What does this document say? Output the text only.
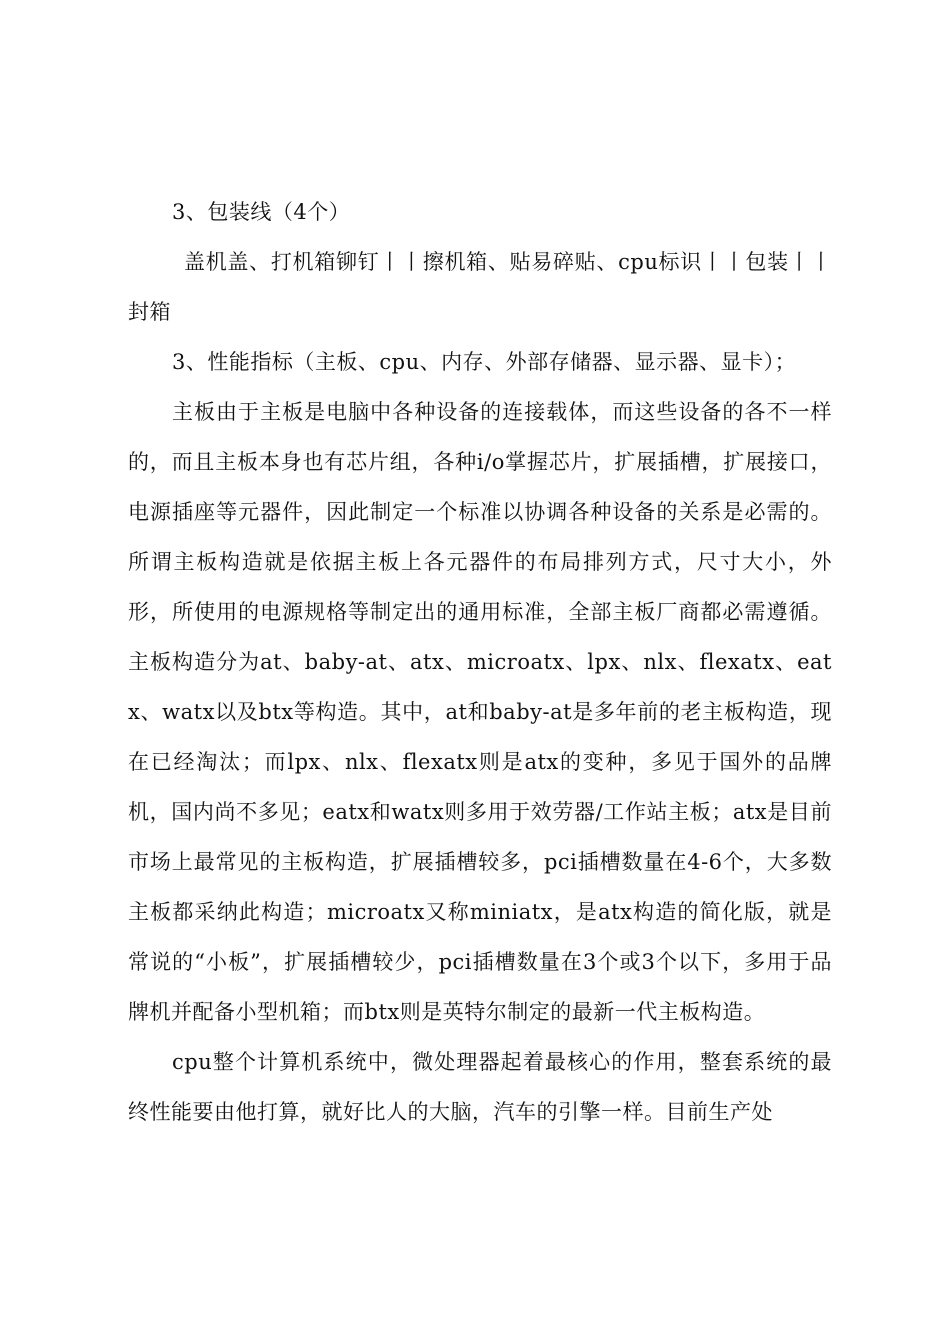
3、包装线（4个）

盖机盖、打机箱铆钉丨丨擦机箱、贴易碎贴、cpu标识丨丨包装丨丨封箱

3、性能指标（主板、cpu、内存、外部存储器、显示器、显卡）；

主板由于主板是电脑中各种设备的连接载体，而这些设备的各不一样的，而且主板本身也有芯片组，各种i/o掌握芯片，扩展插槽，扩展接口，电源插座等元器件，因此制定一个标准以协调各种设备的关系是必需的。所谓主板构造就是依据主板上各元器件的布局排列方式，尺寸大小，外形，所使用的电源规格等制定出的通用标准，全部主板厂商都必需遵循。主板构造分为at、baby-at、atx、microatx、lpx、nlx、flexatx、eatx、watx以及btx等构造。其中，at和baby-at是多年前的老主板构造，现在已经淘汰；而lpx、nlx、flexatx则是atx的变种，多见于国外的品牌机，国内尚不多见；eatx和watx则多用于效劳器/工作站主板；atx是目前市场上最常见的主板构造，扩展插槽较多，pci插槽数量在4-6个，大多数主板都采纳此构造；microatx又称miniatx，是atx构造的简化版，就是常说的“小板”，扩展插槽较少，pci插槽数量在3个或3个以下，多用于品牌机并配备小型机箱；而btx则是英特尔制定的最新一代主板构造。

cpu整个计算机系统中，微处理器起着最核心的作用，整套系统的最终性能要由他打算，就好比人的大脑，汽车的引擎一样。目前生产处
